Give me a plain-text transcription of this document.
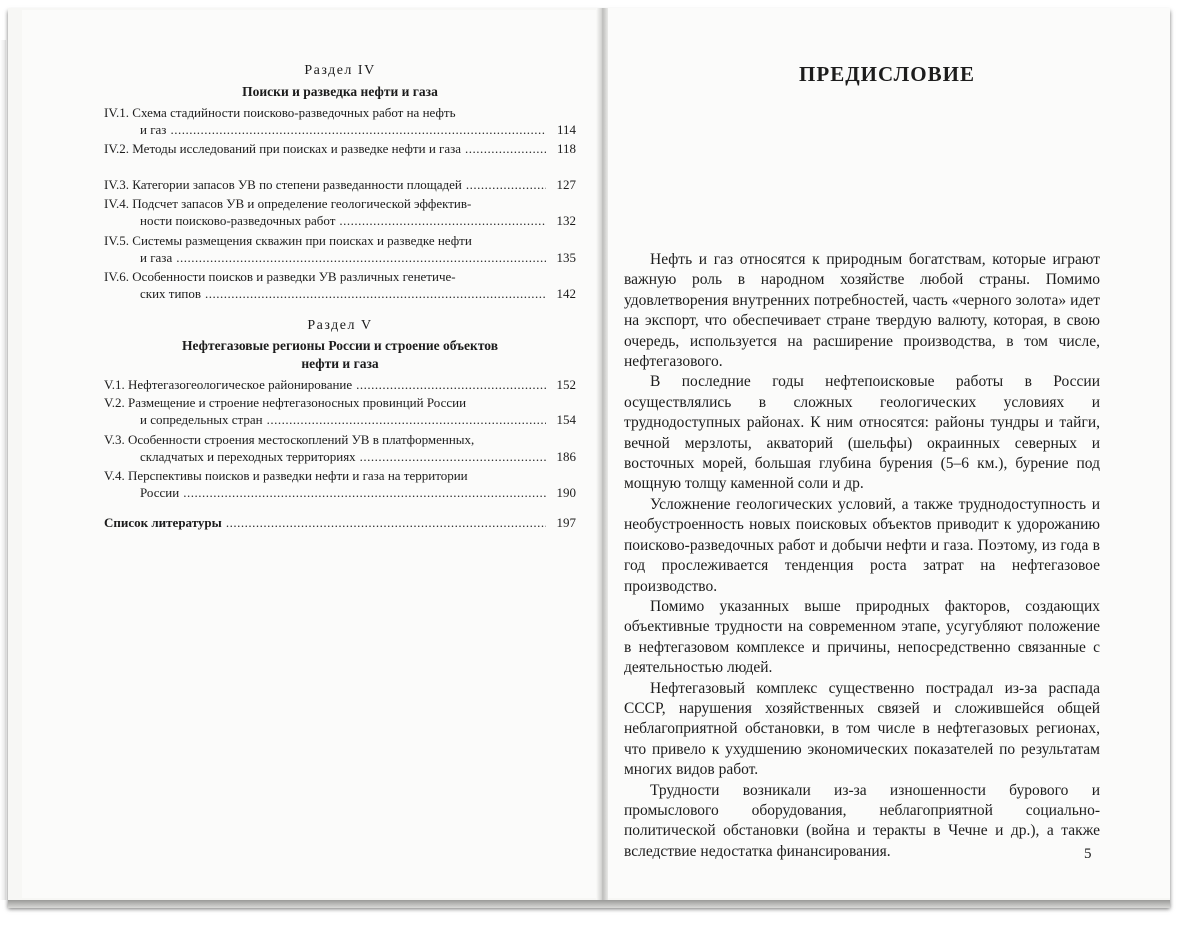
Раздел IV
Поиски и разведка нефти и газа
IV.1. Схема стадийности поисково-разведочных работ на нефть
и газ .................................................................................................... 114
IV.2. Методы исследований при поисках и разведке нефти и газа ...................... 118
IV.3. Категории запасов УВ по степени разведанности площадей ...................... 127
IV.4. Подсчет запасов УВ и определение геологической эффектив-
ности поисково-разведочных работ ........................................................ 132
IV.5. Системы размещения скважин при поисках и разведке нефти
и газа .................................................................................................. 135
IV.6. Особенности поисков и разведки УВ различных генетиче-
ских типов ........................................................................................... 142
Раздел V
Нефтегазовые регионы России и строение объектов
нефти и газа
V.1. Нефтегазогеологическое районирование .................................................. 152
V.2. Размещение и строение нефтегазоносных провинций России
и сопредельных стран .......................................................................... 154
V.3. Особенности строения местоскоплений УВ в платформенных,
складчатых и переходных территориях .................................................. 186
V.4. Перспективы поисков и разведки нефти и газа на территории
России ................................................................................................	190
Список литературы ...........................................................................................
197
ПРЕДИСЛОВИЕ

Нефть и газ относятся к природным богатствам, которые играют важную роль в народном хозяйстве любой страны. Помимо удовлетворения внутренних потребностей, часть «черного золота» идет на экспорт, что обеспечивает стране твердую валюту, которая, в свою очередь, используется на расширение производства, в том числе, нефтегазового.

В последние годы нефтепоисковые работы в России осуществлялись в сложных геологических условиях и труднодоступных районах. К ним относятся: районы тундры и тайги, вечной мерзлоты, акваторий (шельфы) окраинных северных и восточных морей, большая глубина бурения (5–6 км.), бурение под мощную толщу каменной соли и др.

Усложнение геологических условий, а также труднодоступность и необустроенность новых поисковых объектов приводит к удорожанию поисково-разведочных работ и добычи нефти и газа. Поэтому, из года в год прослеживается тенденция роста затрат на нефтегазовое производство.

Помимо указанных выше природных факторов, создающих объективные трудности на современном этапе, усугубляют положение в нефтегазовом комплексе и причины, непосредственно связанные с деятельностью людей.

Нефтегазовый комплекс существенно пострадал из-за распада СССР, нарушения хозяйственных связей и сложившейся общей неблагоприятной обстановки, в том числе в нефтегазовых регионах, что привело к ухудшению экономических показателей по результатам многих видов работ.

Трудности возникали из-за изношенности бурового и промыслового оборудования, неблагоприятной социально-политической обстановки (война и теракты в Чечне и др.), а также вследствие недостатка финансирования.	5
